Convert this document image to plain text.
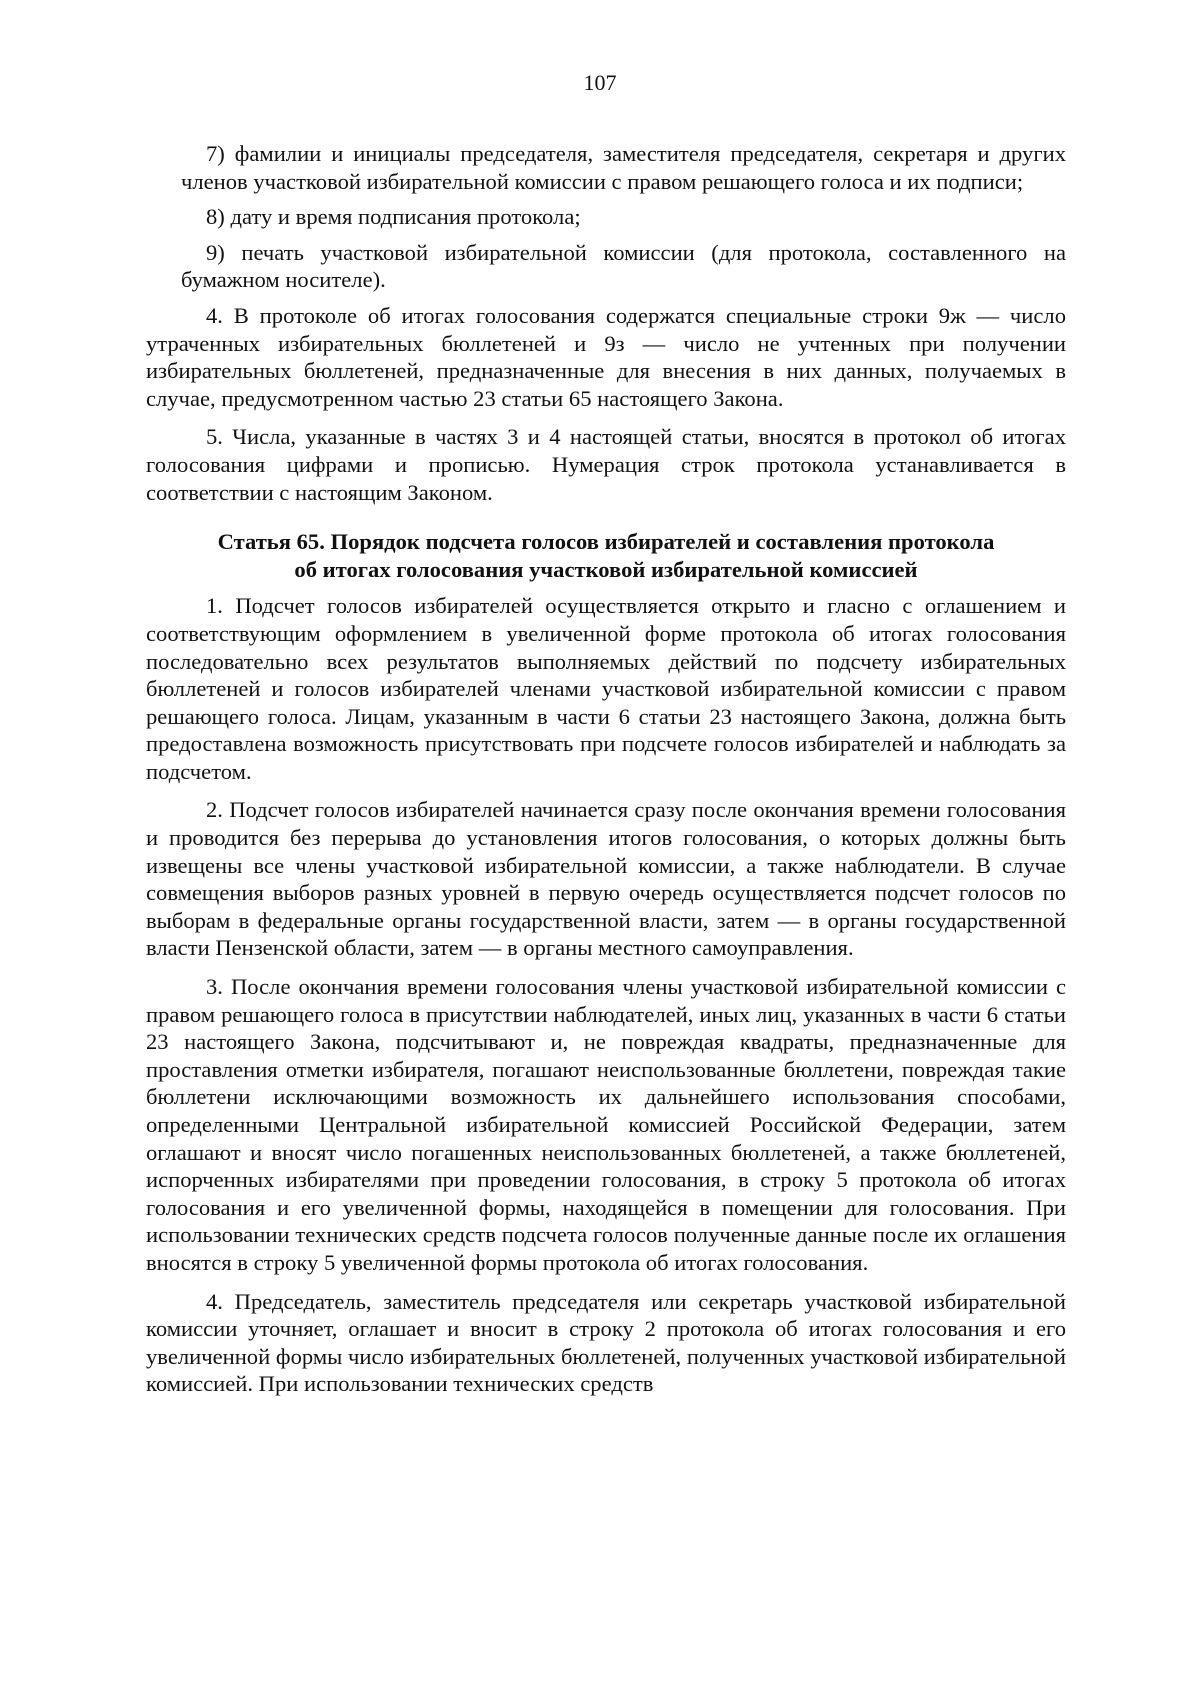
107

7) фамилии и инициалы председателя, заместителя председателя, секретаря и других членов участковой избирательной комиссии с правом решающего голоса и их подписи;

8) дату и время подписания протокола;

9) печать участковой избирательной комиссии (для протокола, составленного на бумажном носителе).

4. В протоколе об итогах голосования содержатся специальные строки 9ж — число утраченных избирательных бюллетеней и 9з — число не учтенных при получении избирательных бюллетеней, предназначенные для внесения в них данных, получаемых в случае, предусмотренном частью 23 статьи 65 настоящего Закона.

5. Числа, указанные в частях 3 и 4 настоящей статьи, вносятся в протокол об итогах голосования цифрами и прописью. Нумерация строк протокола устанавливается в соответствии с настоящим Законом.

Статья 65. Порядок подсчета голосов избирателей и составления протокола
об итогах голосования участковой избирательной комиссией

1. Подсчет голосов избирателей осуществляется открыто и гласно с оглашением и соответствующим оформлением в увеличенной форме протокола об итогах голосования последовательно всех результатов выполняемых действий по подсчету избирательных бюллетеней и голосов избирателей членами участковой избирательной комиссии с правом решающего голоса. Лицам, указанным в части 6 статьи 23 настоящего Закона, должна быть предоставлена возможность присутствовать при подсчете голосов избирателей и наблюдать за подсчетом.

2. Подсчет голосов избирателей начинается сразу после окончания времени голосования и проводится без перерыва до установления итогов голосования, о которых должны быть извещены все члены участковой избирательной комиссии, а также наблюдатели. В случае совмещения выборов разных уровней в первую очередь осуществляется подсчет голосов по выборам в федеральные органы государственной власти, затем — в органы государственной власти Пензенской области, затем — в органы местного самоуправления.

3. После окончания времени голосования члены участковой избирательной комиссии с правом решающего голоса в присутствии наблюдателей, иных лиц, указанных в части 6 статьи 23 настоящего Закона, подсчитывают и, не повреждая квадраты, предназначенные для проставления отметки избирателя, погашают неиспользованные бюллетени, повреждая такие бюллетени исключающими возможность их дальнейшего использования способами, определенными Центральной избирательной комиссией Российской Федерации, затем оглашают и вносят число погашенных неиспользованных бюллетеней, а также бюллетеней, испорченных избирателями при проведении голосования, в строку 5 протокола об итогах голосования и его увеличенной формы, находящейся в помещении для голосования. При использовании технических средств подсчета голосов полученные данные после их оглашения вносятся в строку 5 увеличенной формы протокола об итогах голосования.

4. Председатель, заместитель председателя или секретарь участковой избирательной комиссии уточняет, оглашает и вносит в строку 2 протокола об итогах голосования и его увеличенной формы число избирательных бюллетеней, полученных участковой избирательной комиссией. При использовании технических средств
